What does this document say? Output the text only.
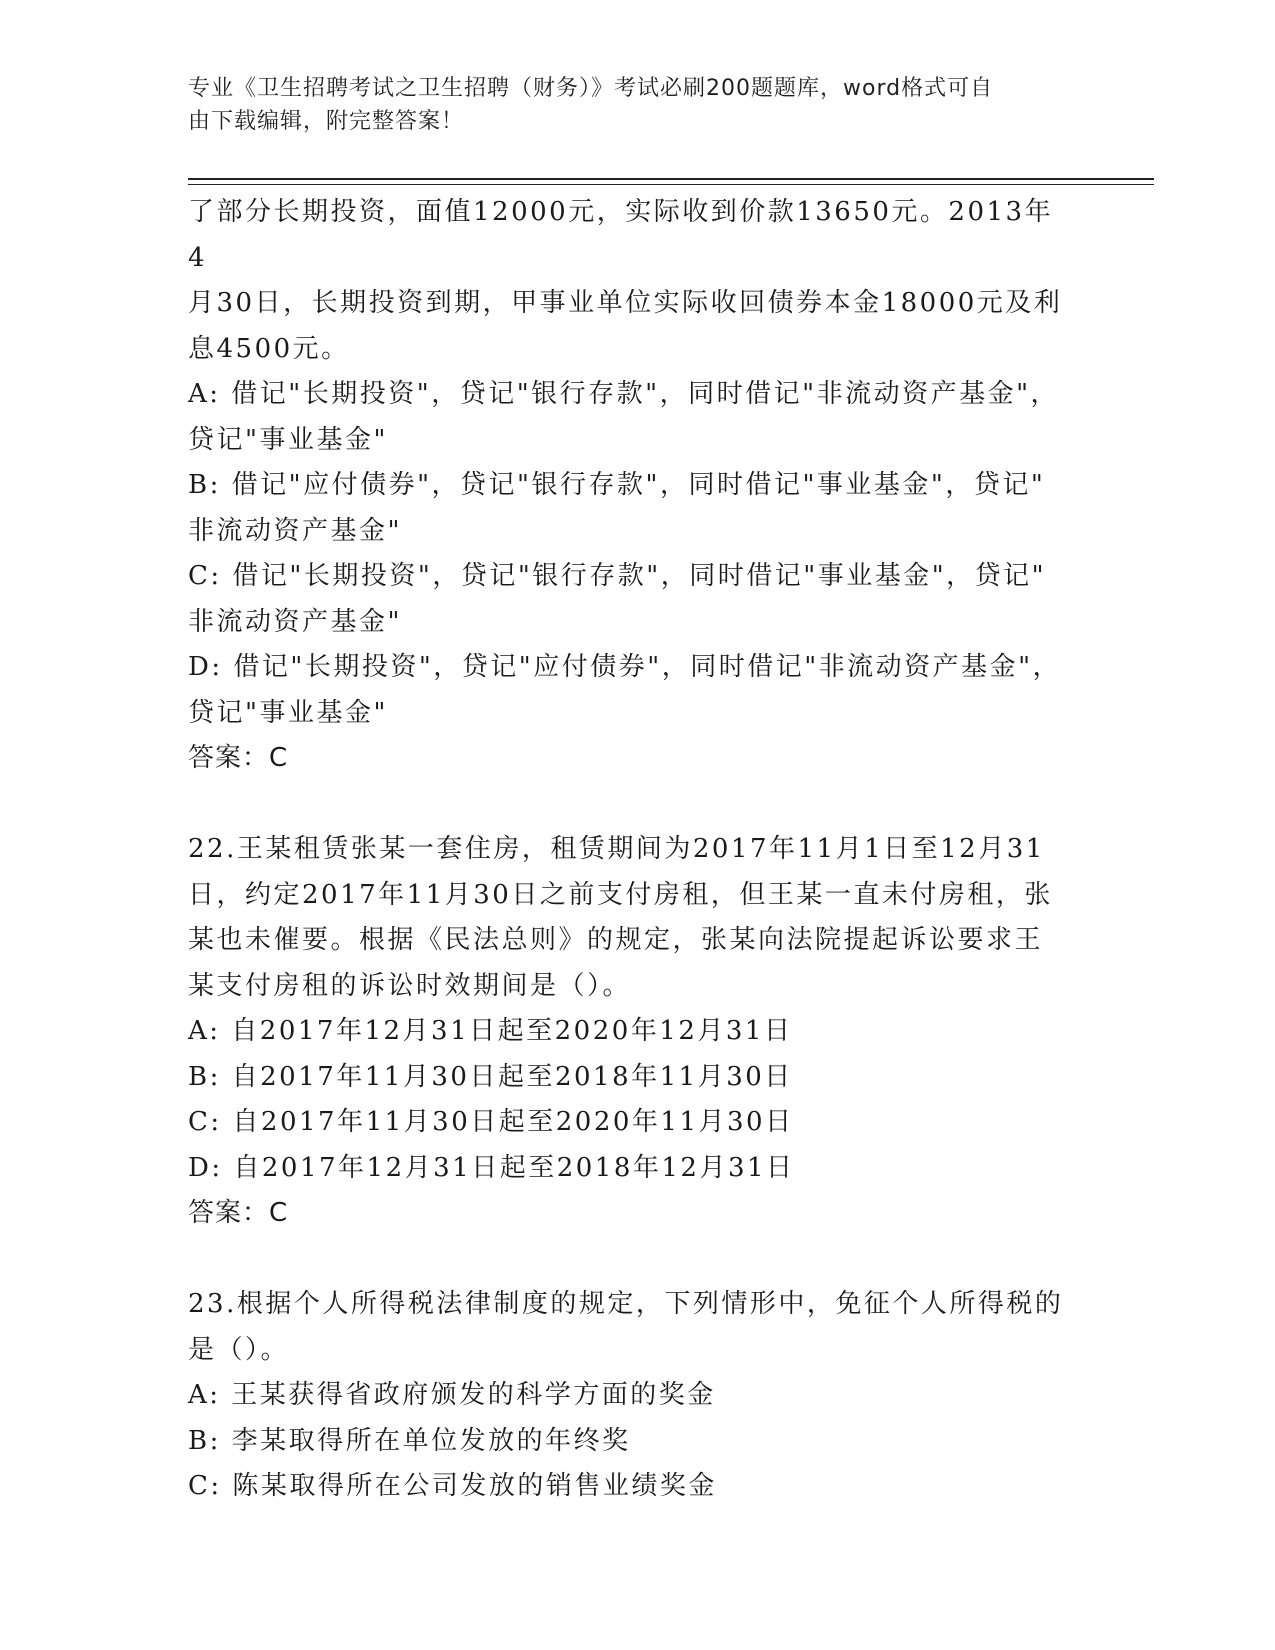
专业《卫生招聘考试之卫生招聘（财务）》考试必刷200题题库，word格式可自
由下载编辑，附完整答案！

了部分长期投资，面值12000元，实际收到价款13650元。2013年4

月30日，长期投资到期，甲事业单位实际收回债券本金18000元及利

息4500元。

A: 借记"长期投资"，贷记"银行存款"，同时借记"非流动资产基金"，

贷记"事业基金"

B: 借记"应付债券"，贷记"银行存款"，同时借记"事业基金"，贷记"

非流动资产基金"

C: 借记"长期投资"，贷记"银行存款"，同时借记"事业基金"，贷记"

非流动资产基金"

D: 借记"长期投资"，贷记"应付债券"，同时借记"非流动资产基金"，

贷记"事业基金"

答案：C

22.王某租赁张某一套住房，租赁期间为2017年11月1日至12月31

日，约定2017年11月30日之前支付房租，但王某一直未付房租，张

某也未催要。根据《民法总则》的规定，张某向法院提起诉讼要求王

某支付房租的诉讼时效期间是（）。

A: 自2017年12月31日起至2020年12月31日

B: 自2017年11月30日起至2018年11月30日

C: 自2017年11月30日起至2020年11月30日

D: 自2017年12月31日起至2018年12月31日

答案：C

23.根据个人所得税法律制度的规定，下列情形中，免征个人所得税的

是（）。

A: 王某获得省政府颁发的科学方面的奖金

B: 李某取得所在单位发放的年终奖

C: 陈某取得所在公司发放的销售业绩奖金
